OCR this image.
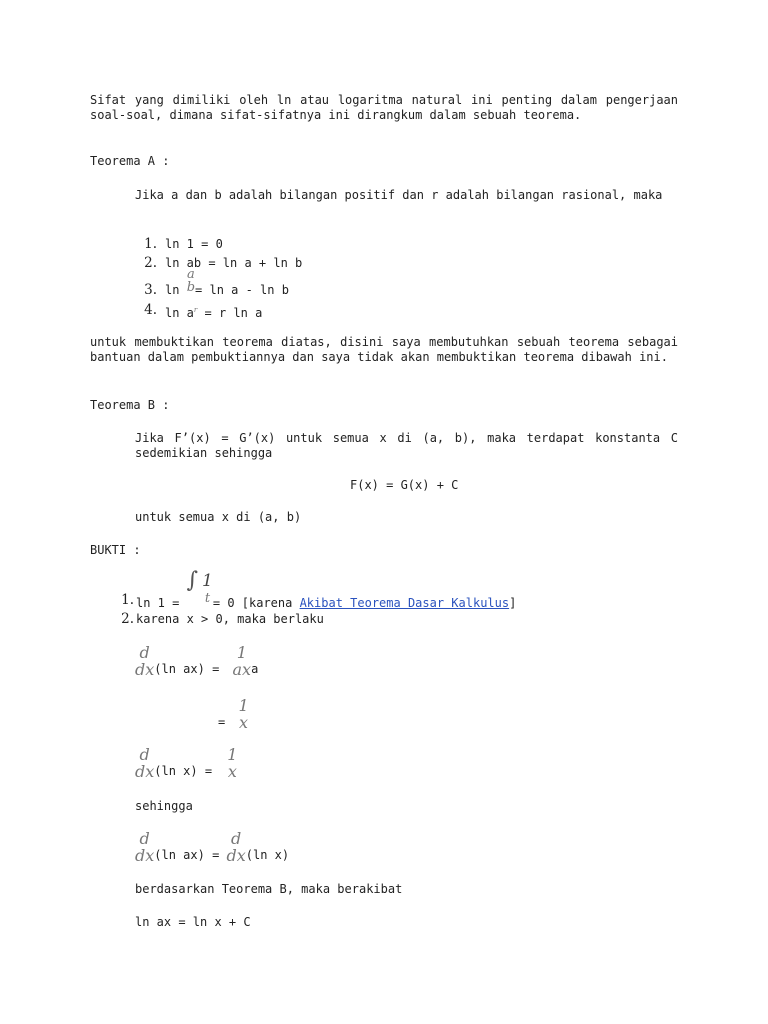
Sifat yang dimiliki oleh ln atau logaritma natural ini penting dalam pengerjaan soal-soal, dimana sifat-sifatnya ini dirangkum dalam sebuah teorema.
Teorema A :
Jika a dan b adalah bilangan positif dan r adalah bilangan rasional, maka
1. ln 1 = 0
2. ln ab = ln a + ln b
3. ln
a
b = ln a - ln b
4. $\ln a^r = r$ ln a
untuk membuktikan teorema diatas, disini saya membutuhkan sebuah teorema sebagai bantuan dalam pembuktiannya dan saya tidak akan membuktikan teorema dibawah ini.
Teorema B :
Jika F’(x) = G’(x) untuk semua x di (a, b), maka terdapat konstanta C sedemikian sehingga
F(x) = G(x) + C
untuk semua x di (a, b)
BUKTI :
1. ln 1 = ∫ 1
t = 0 [karena Akibat Teorema Dasar Kalkulus]
2. karena x > 0, maka berlaku
d
dx (ln ax) =
1
ax a
=
1
x
d
dx (ln x) =
1
x
sehingga
d
dx (ln ax) =
d
dx (ln x)
berdasarkan Teorema B, maka berakibat
ln ax = ln x + C
